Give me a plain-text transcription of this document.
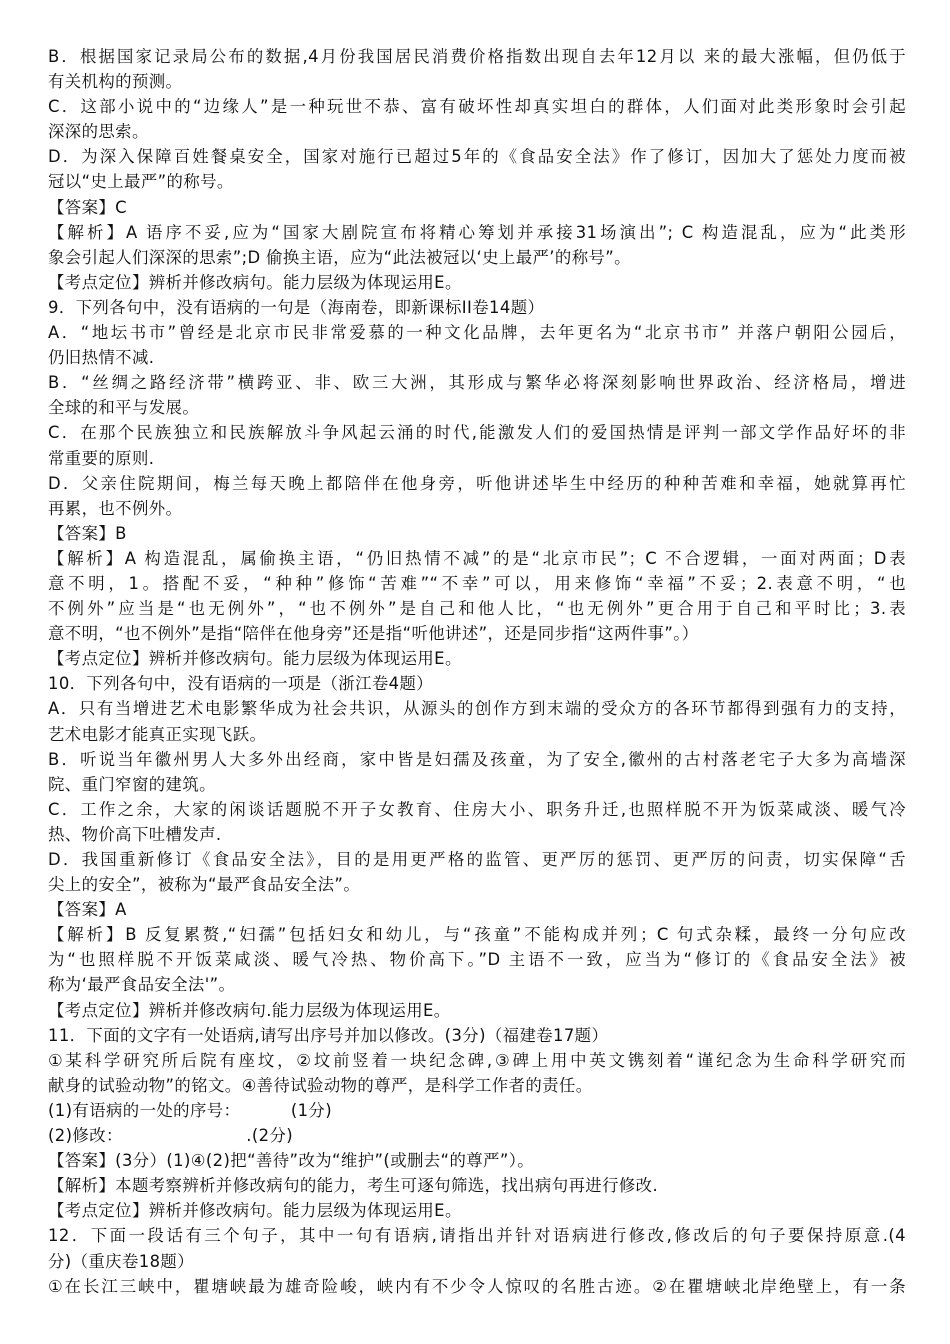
B．根据国家记录局公布的数据,4月份我国居民消费价格指数出现自去年12月以 来的最大涨幅，但仍低于
有关机构的预测。
C．这部小说中的“边缘人”是一种玩世不恭、富有破坏性却真实坦白的群体，人们面对此类形象时会引起
深深的思索。
D．为深入保障百姓餐桌安全，国家对施行已超过5年的《食品安全法》作了修订，因加大了惩处力度而被
冠以“史上最严”的称号。
【答案】C
【解析】A 语序不妥,应为“国家大剧院宣布将精心筹划并承接31场演出”; C 构造混乱，应为“此类形
象会引起人们深深的思索”;D 偷换主语，应为“此法被冠以‘史上最严’的称号”。
【考点定位】辨析并修改病句。能力层级为体现运用E。
9．下列各句中，没有语病的一句是（海南卷，即新课标II卷14题）
A．“地坛书市”曾经是北京市民非常爱慕的一种文化品牌，去年更名为“北京书市” 并落户朝阳公园后，
仍旧热情不减.
B．“丝绸之路经济带”横跨亚、非、欧三大洲，其形成与繁华必将深刻影响世界政治、经济格局，增进
全球的和平与发展。
C．在那个民族独立和民族解放斗争风起云涌的时代,能激发人们的爱国热情是评判一部文学作品好坏的非
常重要的原则.
D．父亲住院期间，梅兰每天晚上都陪伴在他身旁，听他讲述毕生中经历的种种苦难和幸福，她就算再忙
再累，也不例外。
【答案】B
【解析】A 构造混乱，属偷换主语，“仍旧热情不减”的是“北京市民”；C 不合逻辑，一面对两面；D表
意不明，1。搭配不妥，“种种”修饰“苦难”“不幸”可以，用来修饰“幸福”不妥；2.表意不明，“也
不例外”应当是“也无例外”，“也不例外”是自己和他人比，“也无例外”更合用于自己和平时比；3.表
意不明，“也不例外”是指“陪伴在他身旁”还是指“听他讲述”，还是同步指“这两件事”。）
【考点定位】辨析并修改病句。能力层级为体现运用E。
10．下列各句中，没有语病的一项是（浙江卷4题）
A．只有当增进艺术电影繁华成为社会共识，从源头的创作方到末端的受众方的各环节都得到强有力的支持，
艺术电影才能真正实现飞跃。
B．听说当年徽州男人大多外出经商，家中皆是妇孺及孩童，为了安全,徽州的古村落老宅子大多为高墙深
院、重门窄窗的建筑。
C．工作之余，大家的闲谈话题脱不开子女教育、住房大小、职务升迁,也照样脱不开为饭菜咸淡、暖气冷
热、物价高下吐槽发声.
D．我国重新修订《食品安全法》，目的是用更严格的监管、更严厉的惩罚、更严厉的问责，切实保障“舌
尖上的安全”，被称为“最严食品安全法”。
【答案】A
【解析】B 反复累赘,“妇孺”包括妇女和幼儿，与“孩童”不能构成并列；C 句式杂糅，最终一分句应改
为“也照样脱不开饭菜咸淡、暖气冷热、物价高下。”D 主语不一致，应当为“修订的《食品安全法》被
称为‘最严食品安全法'”。
【考点定位】辨析并修改病句.能力层级为体现运用E。
11．下面的文字有一处语病,请写出序号并加以修改。(3分)（福建卷17题）
①某科学研究所后院有座坟，②坟前竖着一块纪念碑,③碑上用中英文镌刻着“谨纪念为生命科学研究而
献身的试验动物”的铭文。④善待试验动物的尊严，是科学工作者的责任。
(1)有语病的一处的序号：         (1分)
(2)修改：                      .(2分)
【答案】(3分）(1)④(2)把“善待”改为“维护”(或删去“的尊严”）。
【解析】本题考察辨析并修改病句的能力，考生可逐句筛选，找出病句再进行修改.
【考点定位】辨析并修改病句。能力层级为体现运用E。
12．下面一段话有三个句子，其中一句有语病,请指出并针对语病进行修改,修改后的句子要保持原意.(4
分)（重庆卷18题）
①在长江三峡中，瞿塘峡最为雄奇险峻，峡内有不少令人惊叹的名胜古迹。②在瞿塘峡北岸绝壁上，有一条
